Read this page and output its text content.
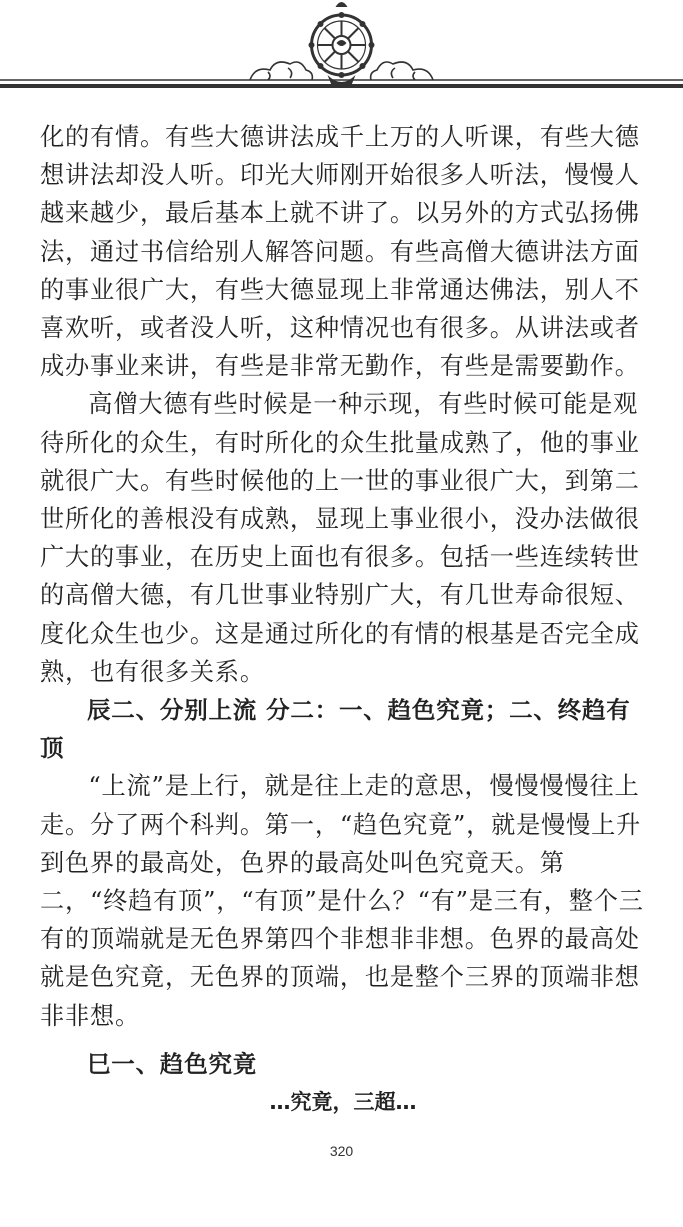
化的有情。有些大德讲法成千上万的人听课，有些大德想讲法却没人听。印光大师刚开始很多人听法，慢慢人越来越少，最后基本上就不讲了。以另外的方式弘扬佛法，通过书信给别人解答问题。有些高僧大德讲法方面的事业很广大，有些大德显现上非常通达佛法，别人不喜欢听，或者没人听，这种情况也有很多。从讲法或者成办事业来讲，有些是非常无勤作，有些是需要勤作。

高僧大德有些时候是一种示现，有些时候可能是观待所化的众生，有时所化的众生批量成熟了，他的事业就很广大。有些时候他的上一世的事业很广大，到第二世所化的善根没有成熟，显现上事业很小，没办法做很广大的事业，在历史上面也有很多。包括一些连续转世的高僧大德，有几世事业特别广大，有几世寿命很短、度化众生也少。这是通过所化的有情的根基是否完全成熟，也有很多关系。

辰二、分别上流 分二：一、趋色究竟；二、终趋有顶

“上流”是上行，就是往上走的意思，慢慢慢慢往上走。分了两个科判。第一，“趋色究竟”，就是慢慢上升到色界的最高处，色界的最高处叫色究竟天。第二，“终趋有顶”，“有顶”是什么？“有”是三有，整个三有的顶端就是无色界第四个非想非非想。色界的最高处就是色究竟，无色界的顶端，也是整个三界的顶端非想非非想。

巳一、趋色究竟

…究竟，三超…

320
